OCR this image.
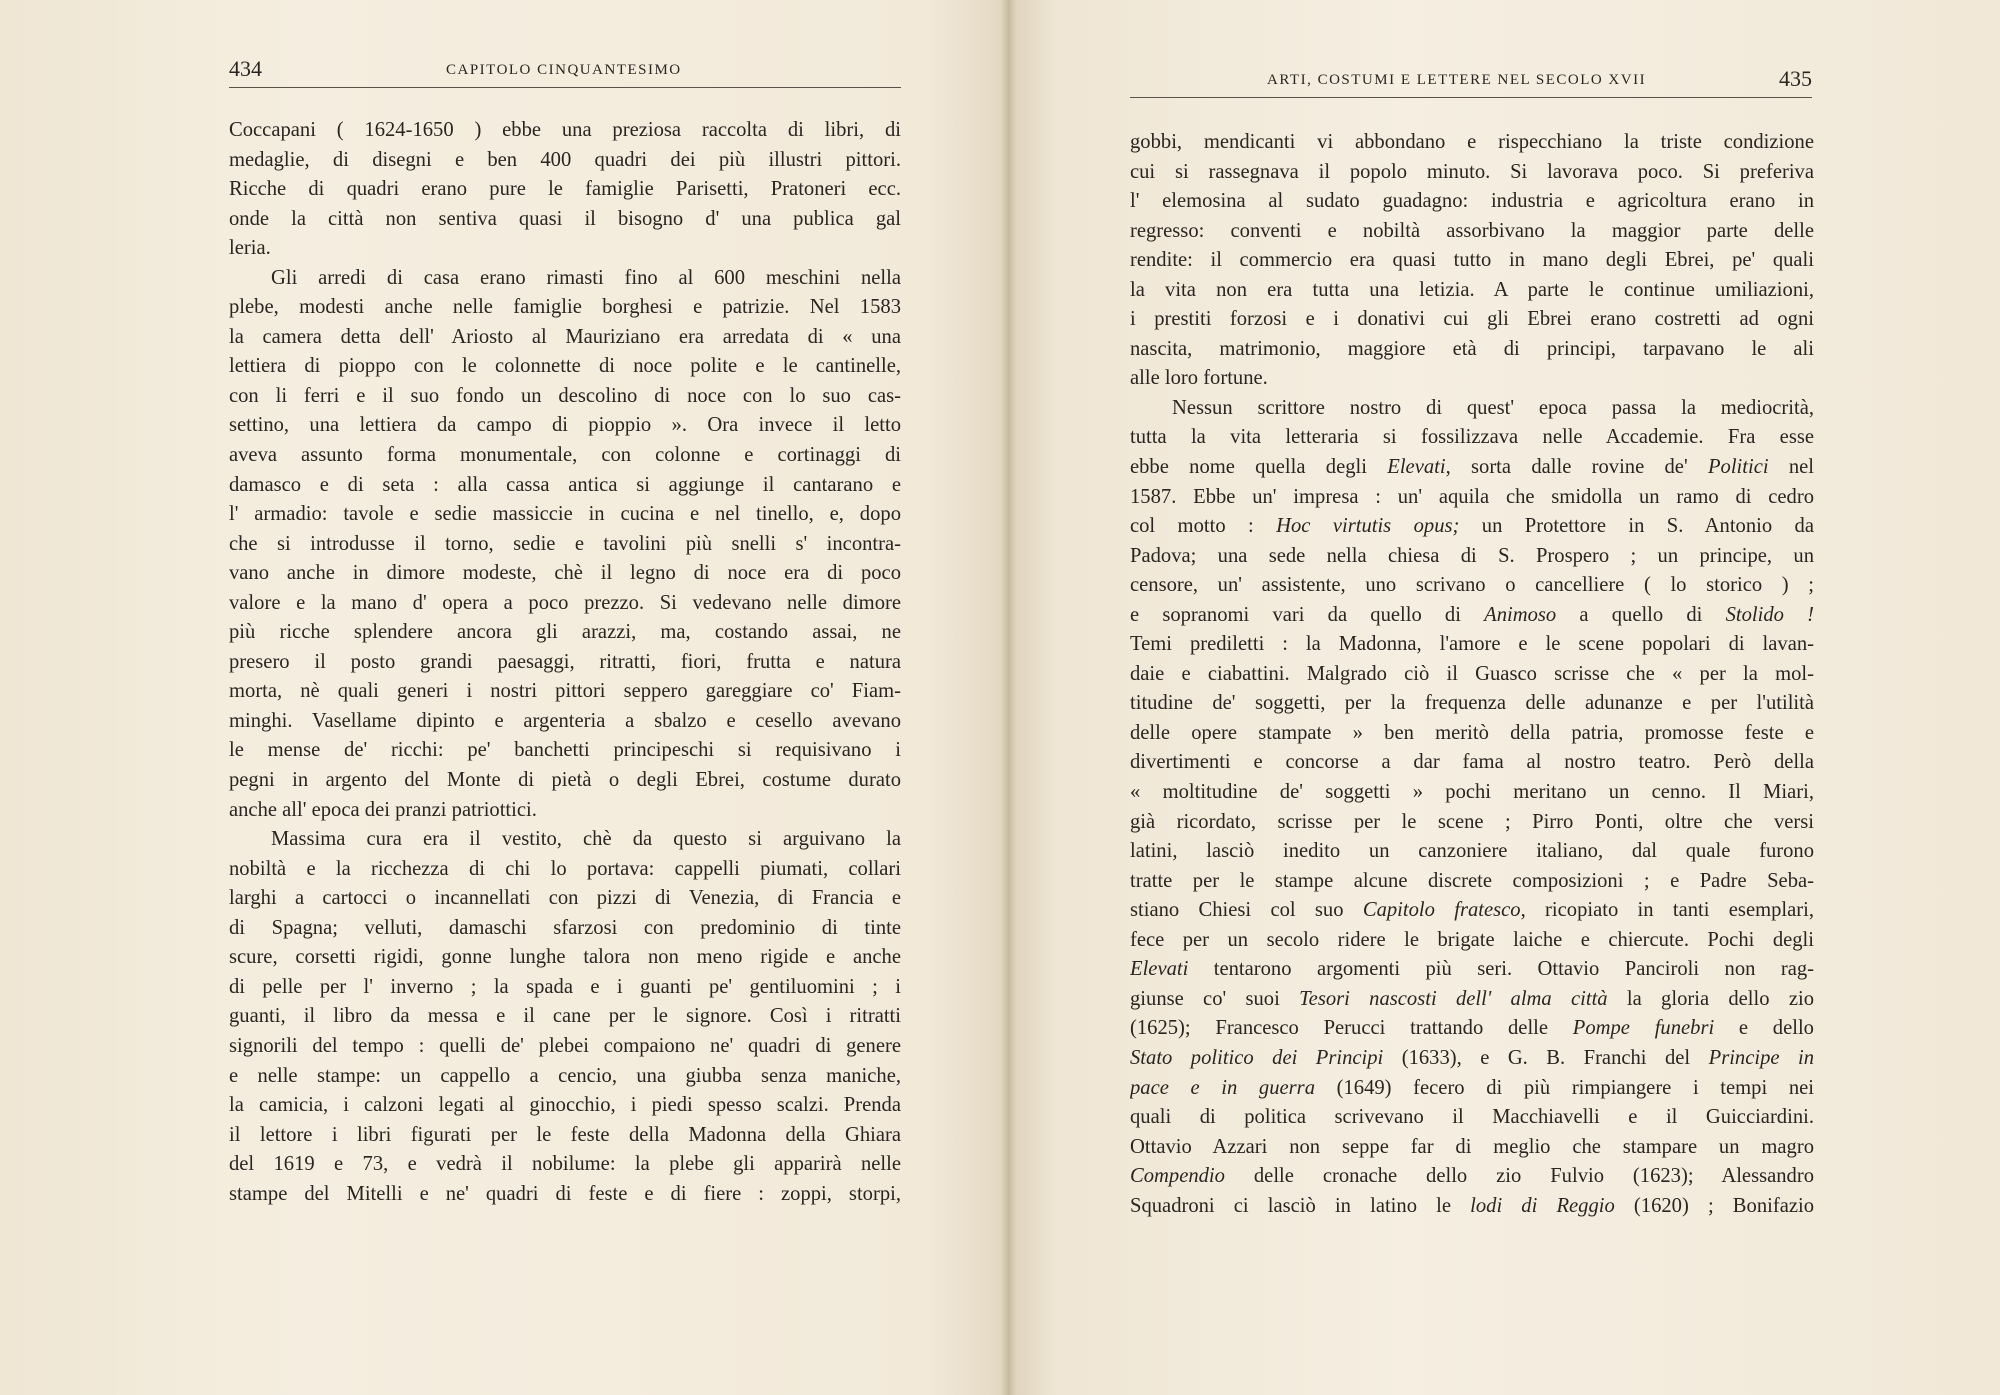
434	CAPITOLO CINQUANTESIMO
Coccapani ( 1624-1650 ) ebbe una preziosa raccolta di libri, di
medaglie, di disegni e ben 400 quadri dei più illustri pittori.
Ricche di quadri erano pure le famiglie Parisetti, Pratoneri ecc.
onde la città non sentiva quasi il bisogno d' una publica gal
leria.
Gli arredi di casa erano rimasti fino al 600 meschini nella
plebe, modesti anche nelle famiglie borghesi e patrizie. Nel 1583
la camera detta dell' Ariosto al Mauriziano era arredata di « una
lettiera di pioppo con le colonnette di noce polite e le cantinelle,
con li ferri e il suo fondo un descolino di noce con lo suo cas-
settino, una lettiera da campo di pioppio ». Ora invece il letto
aveva assunto forma monumentale, con colonne e cortinaggi di
damasco e di seta : alla cassa antica si aggiunge il cantarano e
l' armadio: tavole e sedie massiccie in cucina e nel tinello, e, dopo
che si introdusse il torno, sedie e tavolini più snelli s' incontra-
vano anche in dimore modeste, chè il legno di noce era di poco
valore e la mano d' opera a poco prezzo. Si vedevano nelle dimore
più ricche splendere ancora gli arazzi, ma, costando assai, ne
presero il posto grandi paesaggi, ritratti, fiori, frutta e natura
morta, nè quali generi i nostri pittori seppero gareggiare co' Fiam-
minghi. Vasellame dipinto e argenteria a sbalzo e cesello avevano
le mense de' ricchi: pe' banchetti principeschi si requisivano i
pegni in argento del Monte di pietà o degli Ebrei, costume durato
anche all' epoca dei pranzi patriottici.
Massima cura era il vestito, chè da questo si arguivano la
nobiltà e la ricchezza di chi lo portava: cappelli piumati, collari
larghi a cartocci o incannellati con pizzi di Venezia, di Francia e
di Spagna; velluti, damaschi sfarzosi con predominio di tinte
scure, corsetti rigidi, gonne lunghe talora non meno rigide e anche
di pelle per l' inverno ; la spada e i guanti pe' gentiluomini ; i
guanti, il libro da messa e il cane per le signore. Così i ritratti
signorili del tempo : quelli de' plebei compaiono ne' quadri di genere
e nelle stampe: un cappello a cencio, una giubba senza maniche,
la camicia, i calzoni legati al ginocchio, i piedi spesso scalzi. Prenda
il lettore i libri figurati per le feste della Madonna della Ghiara
del 1619 e 73, e vedrà il nobilume: la plebe gli apparirà nelle
stampe del Mitelli e ne' quadri di feste e di fiere : zoppi, storpi,
ARTI, COSTUMI E LETTERE NEL SECOLO XVII	435
gobbi, mendicanti vi abbondano e rispecchiano la triste condizione
cui si rassegnava il popolo minuto. Si lavorava poco. Si preferiva
l' elemosina al sudato guadagno: industria e agricoltura erano in
regresso: conventi e nobiltà assorbivano la maggior parte delle
rendite: il commercio era quasi tutto in mano degli Ebrei, pe' quali
la vita non era tutta una letizia. A parte le continue umiliazioni,
i prestiti forzosi e i donativi cui gli Ebrei erano costretti ad ogni
nascita, matrimonio, maggiore età di principi, tarpavano le ali
alle loro fortune.
Nessun scrittore nostro di quest' epoca passa la mediocrità,
tutta la vita letteraria si fossilizzava nelle Accademie. Fra esse
ebbe nome quella degli Elevati, sorta dalle rovine de' Politici nel
1587. Ebbe un' impresa : un' aquila che smidolla un ramo di cedro
col motto : Hoc virtutis opus; un Protettore in S. Antonio da
Padova; una sede nella chiesa di S. Prospero ; un principe, un
censore, un' assistente, uno scrivano o cancelliere ( lo storico ) ;
e sopranomi vari da quello di Animoso a quello di Stolido !
Temi prediletti : la Madonna, l'amore e le scene popolari di lavan-
daie e ciabattini. Malgrado ciò il Guasco scrisse che « per la mol-
titudine de' soggetti, per la frequenza delle adunanze e per l'utilità
delle opere stampate » ben meritò della patria, promosse feste e
divertimenti e concorse a dar fama al nostro teatro. Però della
« moltitudine de' soggetti » pochi meritano un cenno. Il Miari,
già ricordato, scrisse per le scene ; Pirro Ponti, oltre che versi
latini, lasciò inedito un canzoniere italiano, dal quale furono
tratte per le stampe alcune discrete composizioni ; e Padre Seba-
stiano Chiesi col suo Capitolo fratesco, ricopiato in tanti esemplari,
fece per un secolo ridere le brigate laiche e chiercute. Pochi degli
Elevati tentarono argomenti più seri. Ottavio Panciroli non rag-
giunse co' suoi Tesori nascosti dell' alma città la gloria dello zio
(1625); Francesco Perucci trattando delle Pompe funebri e dello
Stato politico dei Principi (1633), e G. B. Franchi del Principe in
pace e in guerra (1649) fecero di più rimpiangere i tempi nei
quali di politica scrivevano il Macchiavelli e il Guicciardini.
Ottavio Azzari non seppe far di meglio che stampare un magro
Compendio delle cronache dello zio Fulvio (1623); Alessandro
Squadroni ci lasciò in latino le lodi di Reggio (1620) ; Bonifazio
